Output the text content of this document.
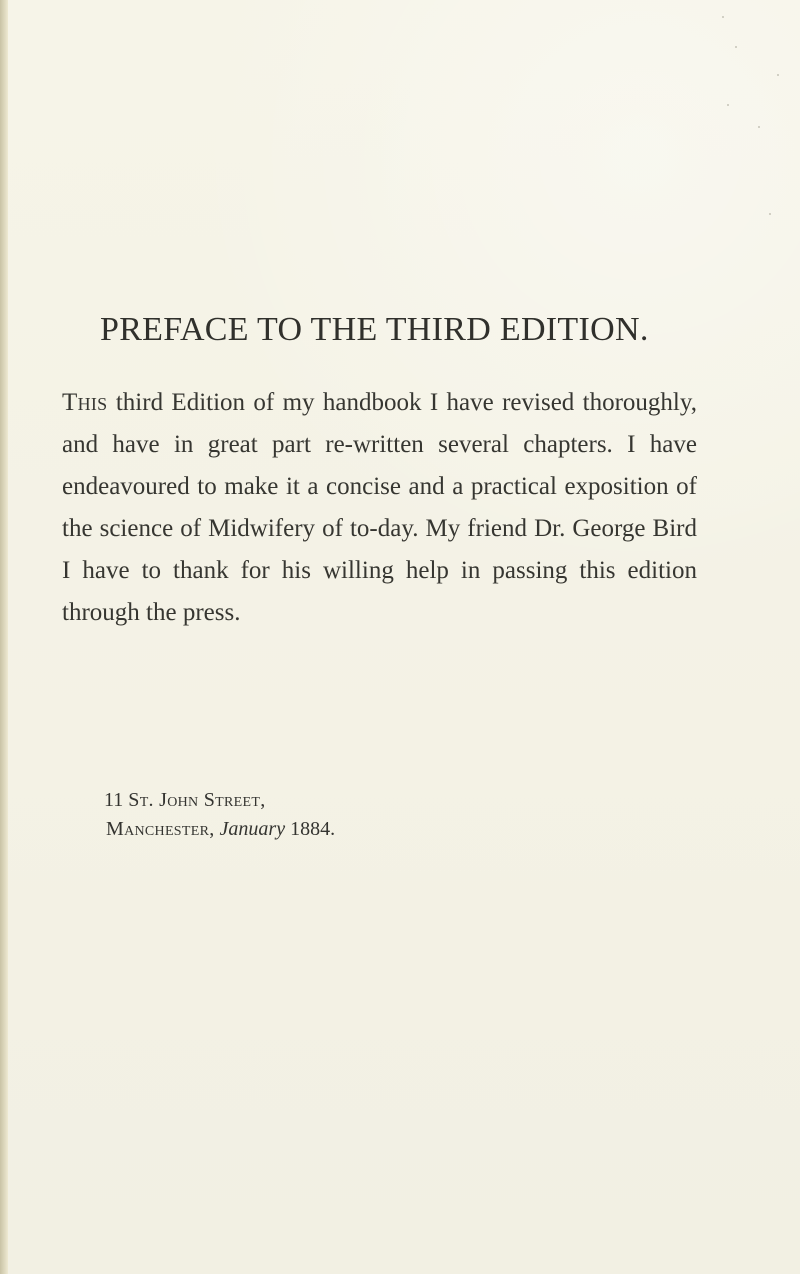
PREFACE TO THE THIRD EDITION.

This third Edition of my handbook I have revised thoroughly, and have in great part re-written several chapters. I have endeavoured to make it a concise and a practical exposition of the science of Midwifery of to-day. My friend Dr. George Bird I have to thank for his willing help in passing this edition through the press.

11 St. John Street,
Manchester, January 1884.
